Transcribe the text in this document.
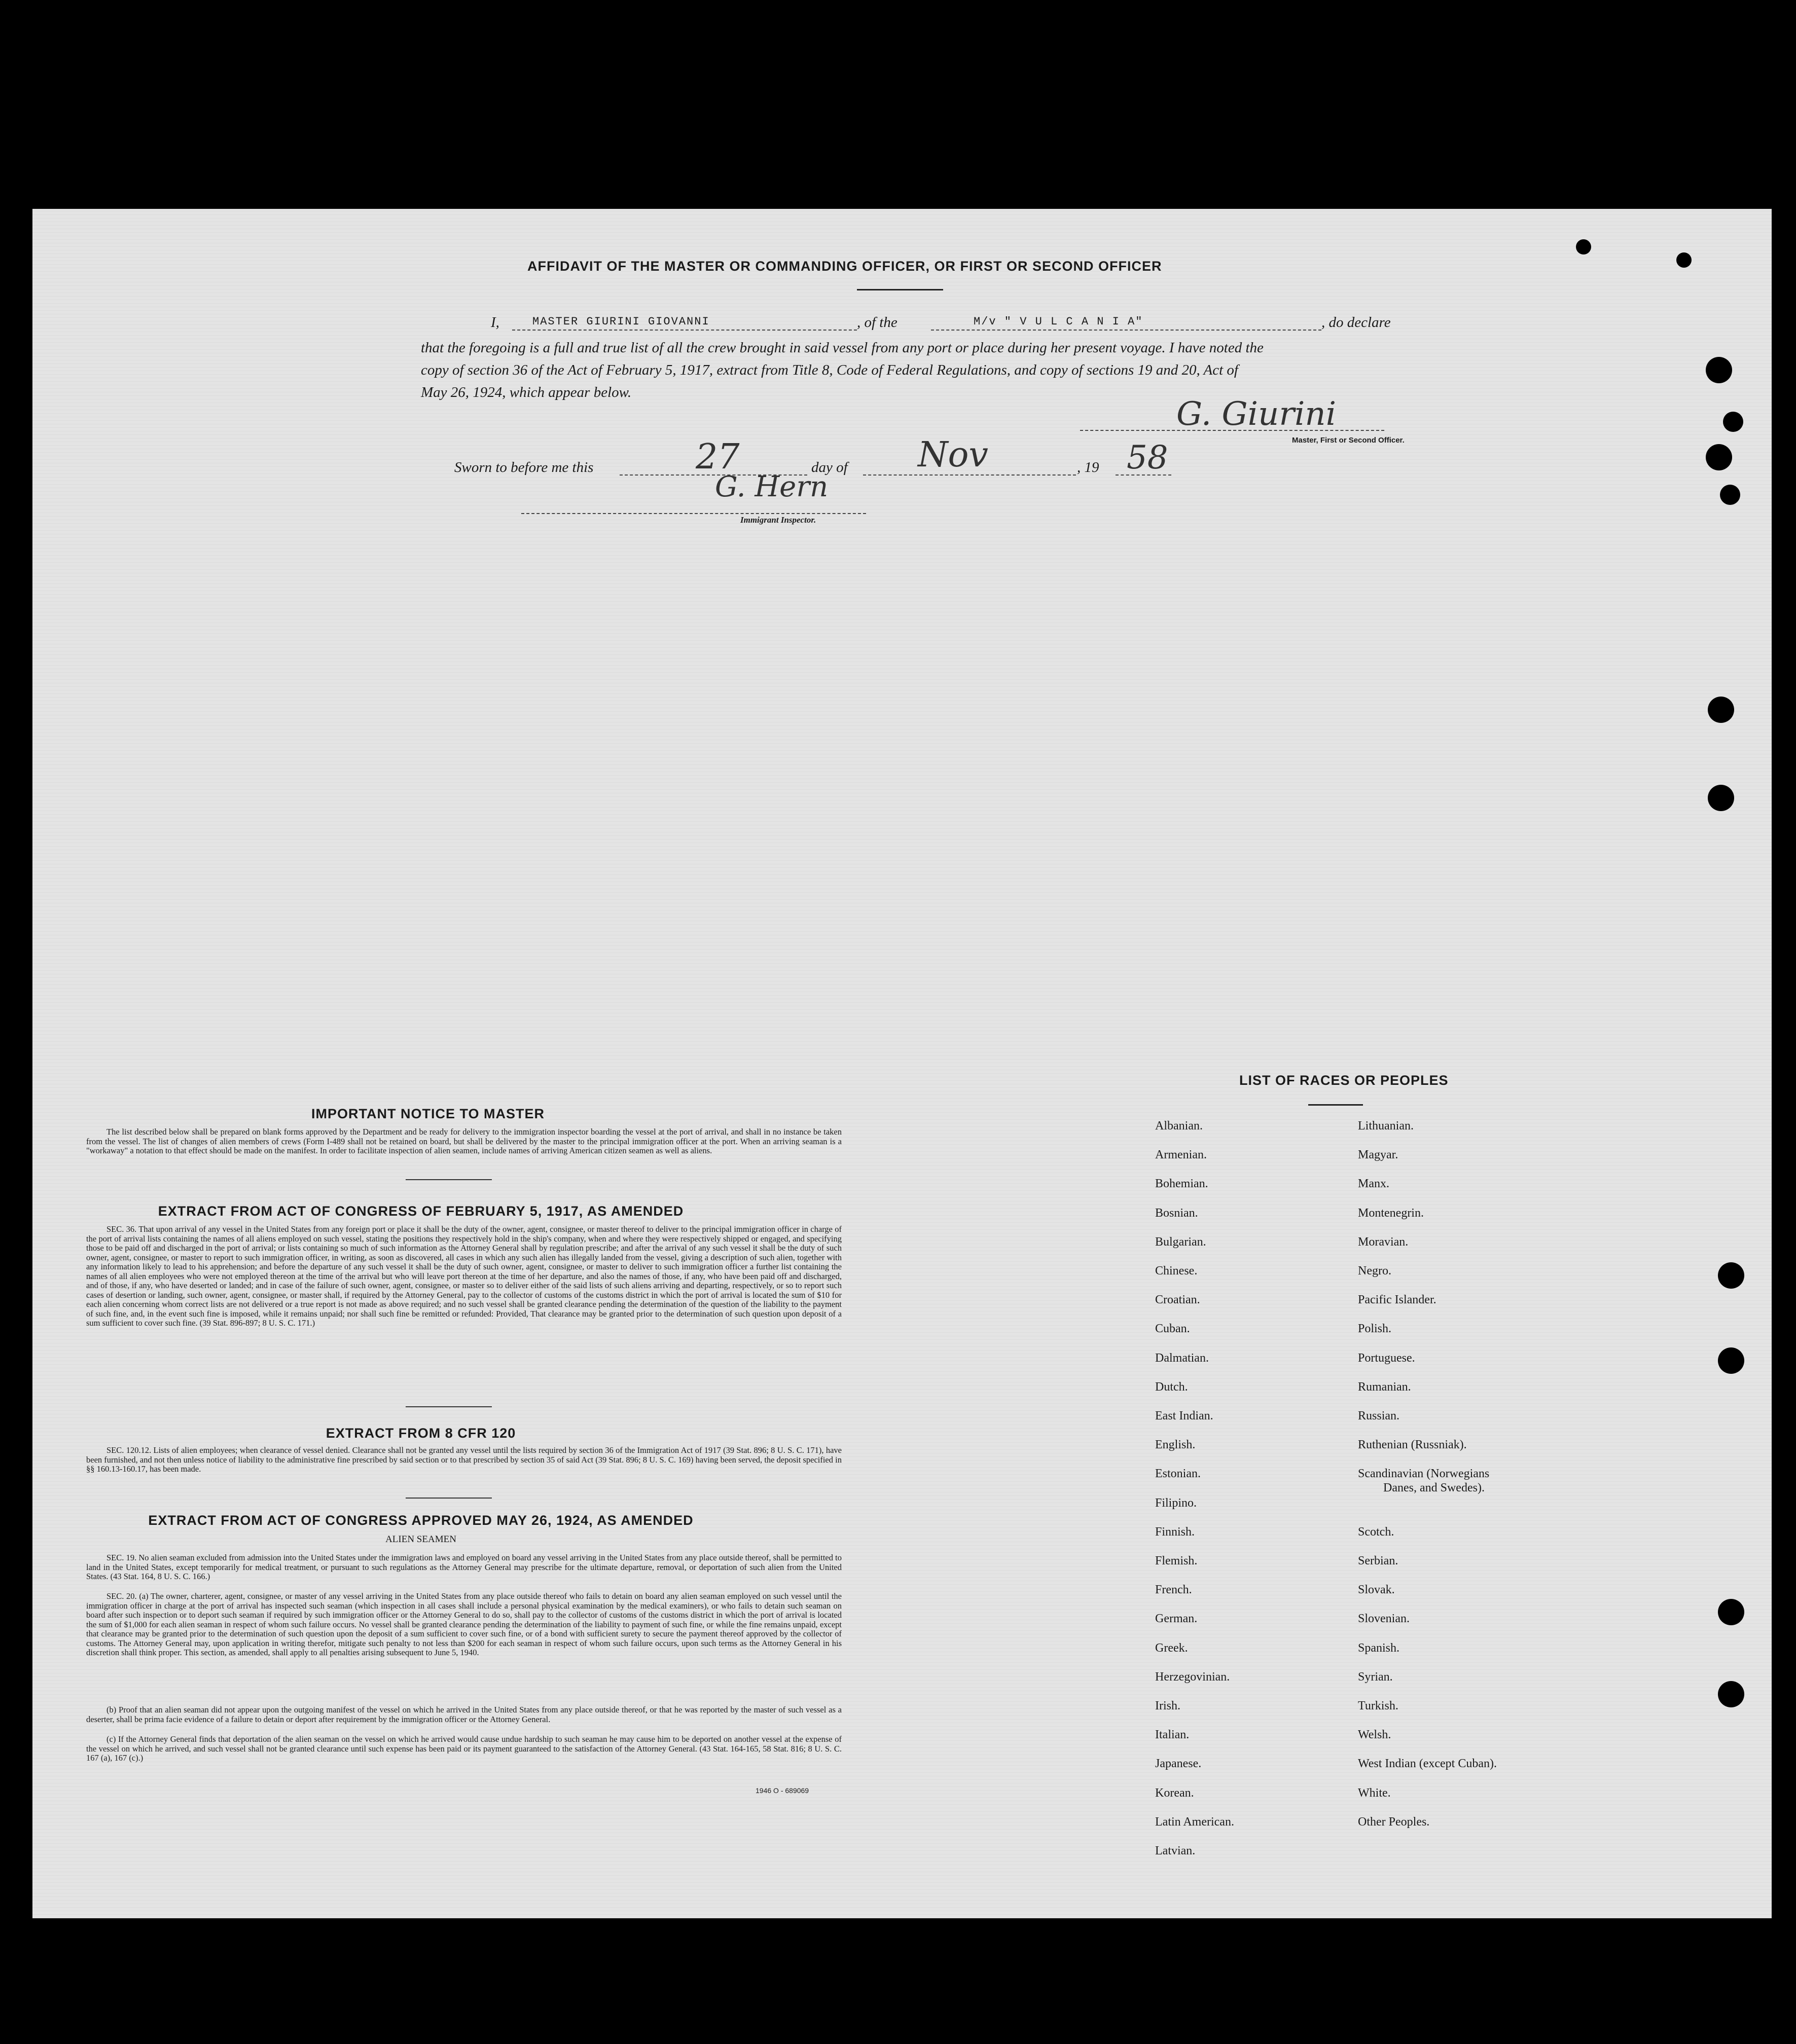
AFFIDAVIT OF THE MASTER OR COMMANDING OFFICER, OR FIRST OR SECOND OFFICER
I,	MASTER GIURINI GIOVANNI	, of the	M/v " V U L C A N I A"	, do declare
that the foregoing is a full and true list of all the crew brought in said vessel from any port or place during her present voyage. I have noted the
copy of section 36 of the Act of February 5, 1917, extract from Title 8, Code of Federal Regulations, and copy of sections 19 and 20, Act of
May 26, 1924, which appear below.
G. Giurini
Master, First or Second Officer.
Sworn to before me this	27	day of Nov	, 19 58
G. Hern
Immigrant Inspector.
IMPORTANT NOTICE TO MASTER
The list described below shall be prepared on blank forms approved by the Department and be ready for delivery to the immigration inspector boarding the vessel at the port of arrival, and shall in no instance be taken from the vessel. The list of changes of alien members of crews (Form I-489 shall not be retained on board, but shall be delivered by the master to the principal immigration officer at the port. When an arriving seaman is a "workaway" a notation to that effect should be made on the manifest. In order to facilitate inspection of alien seamen, include names of arriving American citizen seamen as well as aliens.
EXTRACT FROM ACT OF CONGRESS OF FEBRUARY 5, 1917, AS AMENDED
SEC. 36. That upon arrival of any vessel in the United States from any foreign port or place it shall be the duty of the owner, agent, consignee, or master thereof to deliver to the principal immigration officer in charge of the port of arrival lists containing the names of all aliens employed on such vessel, stating the positions they respectively hold in the ship's company, when and where they were respectively shipped or engaged, and specifying those to be paid off and discharged in the port of arrival; or lists containing so much of such information as the Attorney General shall by regulation prescribe; and after the arrival of any such vessel it shall be the duty of such owner, agent, consignee, or master to report to such immigration officer, in writing, as soon as discovered, all cases in which any such alien has illegally landed from the vessel, giving a description of such alien, together with any information likely to lead to his apprehension; and before the departure of any such vessel it shall be the duty of such owner, agent, consignee, or master to deliver to such immigration officer a further list containing the names of all alien employees who were not employed thereon at the time of the arrival but who will leave port thereon at the time of her departure, and also the names of those, if any, who have been paid off and discharged, and of those, if any, who have deserted or landed; and in case of the failure of such owner, agent, consignee, or master so to deliver either of the said lists of such aliens arriving and departing, respectively, or so to report such cases of desertion or landing, such owner, agent, consignee, or master shall, if required by the Attorney General, pay to the collector of customs of the customs district in which the port of arrival is located the sum of $10 for each alien concerning whom correct lists are not delivered or a true report is not made as above required; and no such vessel shall be granted clearance pending the determination of the question of the liability to the payment of such fine, and, in the event such fine is imposed, while it remains unpaid; nor shall such fine be remitted or refunded: Provided, That clearance may be granted prior to the determination of such question upon deposit of a sum sufficient to cover such fine. (39 Stat. 896-897; 8 U. S. C. 171.)
EXTRACT FROM 8 CFR 120
SEC. 120.12. Lists of alien employees; when clearance of vessel denied. Clearance shall not be granted any vessel until the lists required by section 36 of the Immigration Act of 1917 (39 Stat. 896; 8 U. S. C. 171), have been furnished, and not then unless notice of liability to the administrative fine prescribed by said section or to that prescribed by section 35 of said Act (39 Stat. 896; 8 U. S. C. 169) having been served, the deposit specified in §§ 160.13-160.17, has been made.
EXTRACT FROM ACT OF CONGRESS APPROVED MAY 26, 1924, AS AMENDED
ALIEN SEAMEN
SEC. 19. No alien seaman excluded from admission into the United States under the immigration laws and employed on board any vessel arriving in the United States from any place outside thereof, shall be permitted to land in the United States, except temporarily for medical treatment, or pursuant to such regulations as the Attorney General may prescribe for the ultimate departure, removal, or deportation of such alien from the United States. (43 Stat. 164, 8 U. S. C. 166.)
SEC. 20. (a) The owner, charterer, agent, consignee, or master of any vessel arriving in the United States from any place outside thereof who fails to detain on board any alien seaman employed on such vessel until the immigration officer in charge at the port of arrival has inspected such seaman (which inspection in all cases shall include a personal physical examination by the medical examiners), or who fails to detain such seaman on board after such inspection or to deport such seaman if required by such immigration officer or the Attorney General to do so, shall pay to the collector of customs of the customs district in which the port of arrival is located the sum of $1,000 for each alien seaman in respect of whom such failure occurs. No vessel shall be granted clearance pending the determination of the liability to payment of such fine, or while the fine remains unpaid, except that clearance may be granted prior to the determination of such question upon the deposit of a sum sufficient to cover such fine, or of a bond with sufficient surety to secure the payment thereof approved by the collector of customs. The Attorney General may, upon application in writing therefor, mitigate such penalty to not less than $200 for each seaman in respect of whom such failure occurs, upon such terms as the Attorney General in his discretion shall think proper. This section, as amended, shall apply to all penalties arising subsequent to June 5, 1940.
(b) Proof that an alien seaman did not appear upon the outgoing manifest of the vessel on which he arrived in the United States from any place outside thereof, or that he was reported by the master of such vessel as a deserter, shall be prima facie evidence of a failure to detain or deport after requirement by the immigration officer or the Attorney General.
(c) If the Attorney General finds that deportation of the alien seaman on the vessel on which he arrived would cause undue hardship to such seaman he may cause him to be deported on another vessel at the expense of the vessel on which he arrived, and such vessel shall not be granted clearance until such expense has been paid or its payment guaranteed to the satisfaction of the Attorney General. (43 Stat. 164-165, 58 Stat. 816; 8 U. S. C. 167 (a), 167 (c).)
1946 O - 689069
LIST OF RACES OR PEOPLES
Albanian.
Armenian.
Bohemian.
Bosnian.
Bulgarian.
Chinese.
Croatian.
Cuban.
Dalmatian.
Dutch.
East Indian.
English.
Estonian.
Filipino.
Finnish.
Flemish.
French.
German.
Greek.
Herzegovinian.
Irish.
Italian.
Japanese.
Korean.
Latin American.
Latvian.
Lithuanian.
Magyar.
Manx.
Montenegrin.
Moravian.
Negro.
Pacific Islander.
Polish.
Portuguese.
Rumanian.
Russian.
Ruthenian (Russniak).
Scandinavian (Norwegians
Danes, and Swedes).
Scotch.
Serbian.
Slovak.
Slovenian.
Spanish.
Syrian.
Turkish.
Welsh.
West Indian (except Cuban).
White.
Other Peoples.
